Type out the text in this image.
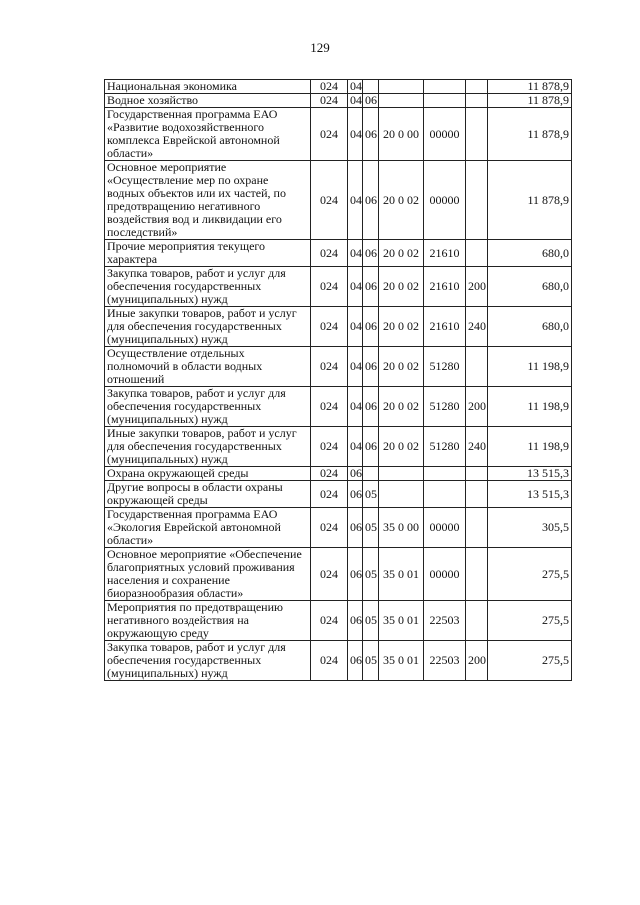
129
Национальная экономика	024	04					11 878,9
Водное хозяйство	024	04	06				11 878,9
Государственная программа ЕАО «Развитие водохозяйственного комплекса Еврейской автономной области»	024	04	06	20 0 00	00000		11 878,9
Основное мероприятие «Осуществление мер по охране водных объектов или их частей, по предотвращению негативного воздействия вод и ликвидации его последствий»	024	04	06	20 0 02	00000		11 878,9
Прочие мероприятия текущего характера	024	04	06	20 0 02	21610		680,0
Закупка товаров, работ и услуг для обеспечения государственных (муниципальных) нужд	024	04	06	20 0 02	21610	200	680,0
Иные закупки товаров, работ и услуг для обеспечения государственных (муниципальных) нужд	024	04	06	20 0 02	21610	240	680,0
Осуществление отдельных полномочий в области водных отношений	024	04	06	20 0 02	51280		11 198,9
Закупка товаров, работ и услуг для обеспечения государственных (муниципальных) нужд	024	04	06	20 0 02	51280	200	11 198,9
Иные закупки товаров, работ и услуг для обеспечения государственных (муниципальных) нужд	024	04	06	20 0 02	51280	240	11 198,9
Охрана окружающей среды	024	06					13 515,3
Другие вопросы в области охраны окружающей среды	024	06	05				13 515,3
Государственная программа ЕАО «Экология Еврейской автономной области»	024	06	05	35 0 00	00000		305,5
Основное мероприятие «Обеспечение благоприятных условий проживания населения и сохранение биоразнообразия области»	024	06	05	35 0 01	00000		275,5
Мероприятия по предотвращению негативного воздействия на окружающую среду	024	06	05	35 0 01	22503		275,5
Закупка товаров, работ и услуг для обеспечения государственных (муниципальных) нужд	024	06	05	35 0 01	22503	200	275,5
